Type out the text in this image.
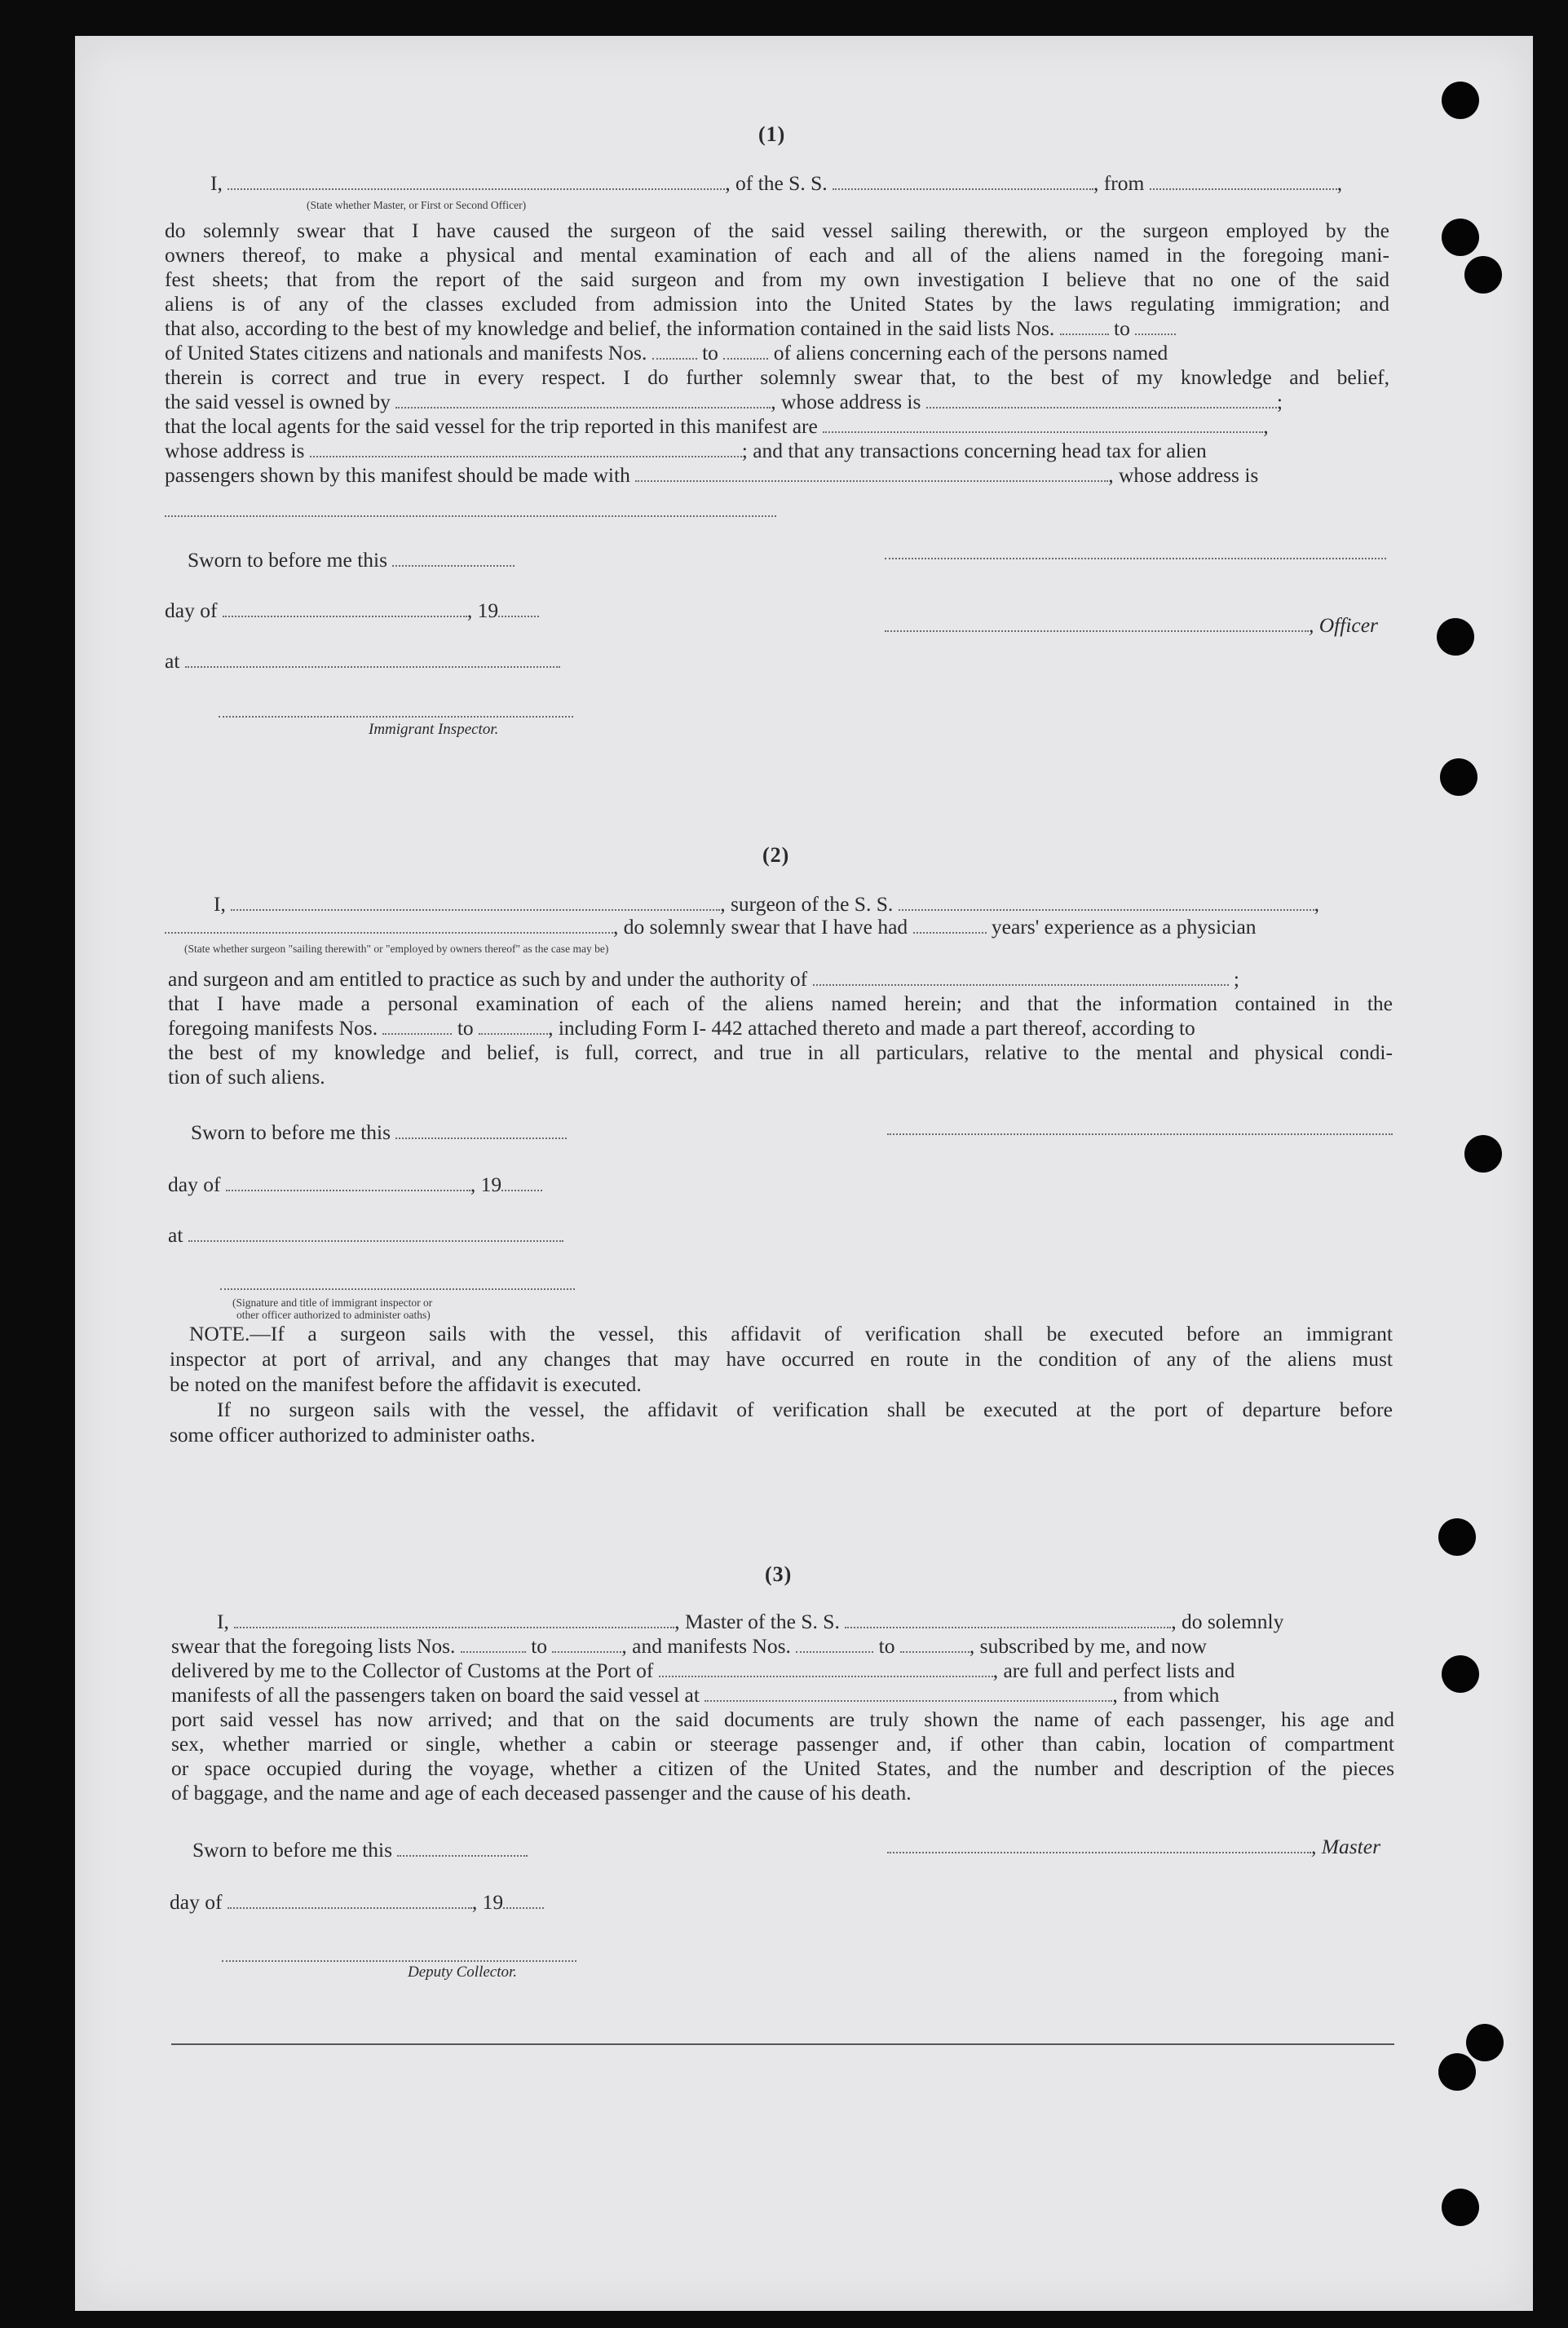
(1)
I,	, of the S. S.	, from	,
(State whether Master, or First or Second Officer)
do solemnly swear that I have caused the surgeon of the said vessel sailing therewith, or the surgeon employed by the
owners thereof, to make a physical and mental examination of each and all of the aliens named in the foregoing mani-
fest sheets; that from the report of the said surgeon and from my own investigation I believe that no one of the said
aliens is of any of the classes excluded from admission into the United States by the laws regulating immigration; and
that also, according to the best of my knowledge and belief, the information contained in the said lists Nos.	to
of United States citizens and nationals and manifests Nos.	to	of aliens concerning each of the persons named
therein is correct and true in every respect. I do further solemnly swear that, to the best of my knowledge and belief,
the said vessel is owned by	, whose address is	;
that the local agents for the said vessel for the trip reported in this manifest are	,
whose address is	; and that any transactions concerning head tax for alien
passengers shown by this manifest should be made with	, whose address is
Sworn to before me this
day of	, 19
, Officer
at
Immigrant Inspector.
(2)
I,	, surgeon of the S. S.	,
, do solemnly swear that I have had	years' experience as a physician
(State whether surgeon "sailing therewith" or "employed by owners thereof" as the case may be)
and surgeon and am entitled to practice as such by and under the authority of	;
that I have made a personal examination of each of the aliens named herein; and that the information contained in the
foregoing manifests Nos.	to	, including Form I- 442 attached thereto and made a part thereof, according to
the best of my knowledge and belief, is full, correct, and true in all particulars, relative to the mental and physical condi-
tion of such aliens.
Sworn to before me this
day of	, 19
at
(Signature and title of immigrant inspector or
other officer authorized to administer oaths)
NOTE.—If a surgeon sails with the vessel, this affidavit of verification shall be executed before an immigrant
inspector at port of arrival, and any changes that may have occurred en route in the condition of any of the aliens must
be noted on the manifest before the affidavit is executed.
If no surgeon sails with the vessel, the affidavit of verification shall be executed at the port of departure before
some officer authorized to administer oaths.
(3)
I,	, Master of the S. S.	, do solemnly
swear that the foregoing lists Nos.	to	, and manifests Nos.	to	, subscribed by me, and now
delivered by me to the Collector of Customs at the Port of	, are full and perfect lists and
manifests of all the passengers taken on board the said vessel at	, from which
port said vessel has now arrived; and that on the said documents are truly shown the name of each passenger, his age and
sex, whether married or single, whether a cabin or steerage passenger and, if other than cabin, location of compartment
or space occupied during the voyage, whether a citizen of the United States, and the number and description of the pieces
of baggage, and the name and age of each deceased passenger and the cause of his death.
Sworn to before me this	, Master
day of	, 19
Deputy Collector.
